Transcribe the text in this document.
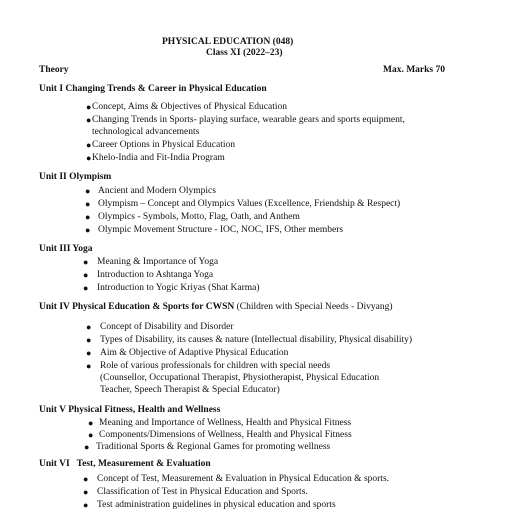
PHYSICAL EDUCATION (048)
Class XI (2022–23)
Theory	Max. Marks 70
Unit I Changing Trends & Career in Physical Education
● Concept, Aims & Objectives of Physical Education
● Changing Trends in Sports- playing surface, wearable gears and sports equipment,
technological advancements
● Career Options in Physical Education
● Khelo-India and Fit-India Program
Unit II Olympism
● Ancient and Modern Olympics
● Olympism – Concept and Olympics Values (Excellence, Friendship & Respect)
● Olympics - Symbols, Motto, Flag, Oath, and Anthem
● Olympic Movement Structure - IOC, NOC, IFS, Other members
Unit III Yoga
● Meaning & Importance of Yoga
● Introduction to Ashtanga Yoga
● Introduction to Yogic Kriyas (Shat Karma)
Unit IV Physical Education & Sports for CWSN (Children with Special Needs - Divyang)
● Concept of Disability and Disorder
● Types of Disability, its causes & nature (Intellectual disability, Physical disability)
● Aim & Objective of Adaptive Physical Education
● Role of various professionals for children with special needs
(Counsellor, Occupational Therapist, Physiotherapist, Physical Education
Teacher, Speech Therapist & Special Educator)
Unit V Physical Fitness, Health and Wellness
● Meaning and Importance of Wellness, Health and Physical Fitness
● Components/Dimensions of Wellness, Health and Physical Fitness
● Traditional Sports & Regional Games for promoting wellness
Unit VI   Test, Measurement & Evaluation
● Concept of Test, Measurement & Evaluation in Physical Education & sports.
● Classification of Test in Physical Education and Sports.
● Test administration guidelines in physical education and sports
